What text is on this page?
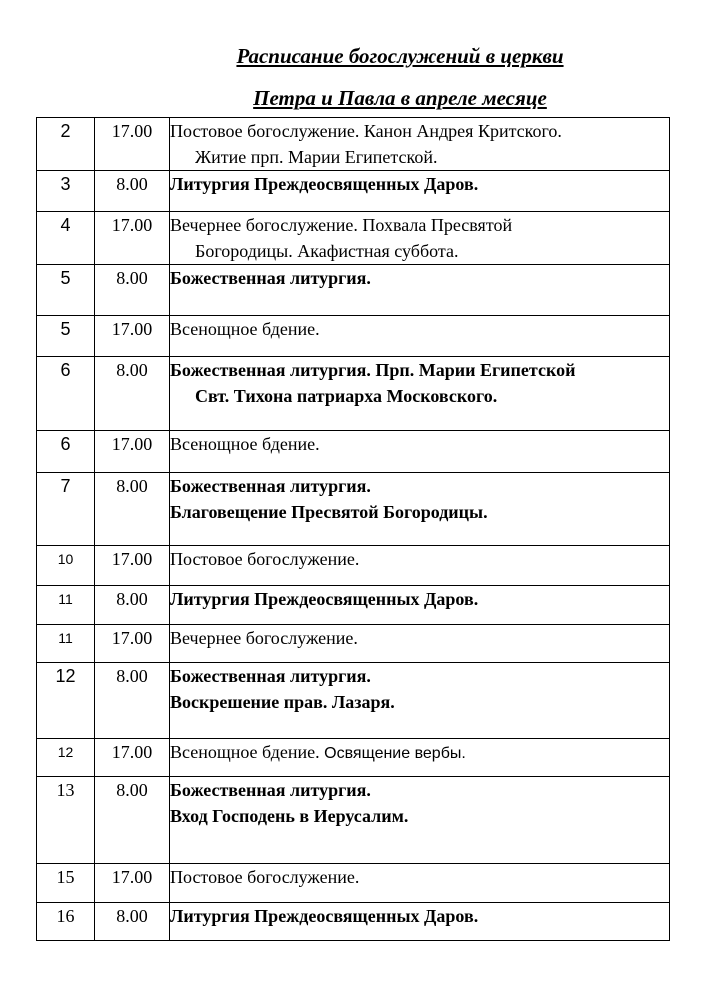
Расписание богослужений в церкви
Петра и Павла в апреле месяце
2	17.00	Постовое богослужение. Канон Андрея Критского.
Житие прп. Марии Египетской.

3	8.00	Литургия Преждеосвященных Даров.

4	17.00	Вечернее богослужение. Похвала Пресвятой
Богородицы. Акафистная суббота.

5	8.00	Божественная литургия.

5	17.00	Всенощное бдение.

6	8.00	Божественная литургия. Прп. Марии Египетской
Свт. Тихона патриарха Московского.

6	17.00	Всенощное бдение.

7	8.00	Божественная литургия.
Благовещение Пресвятой Богородицы.

10	17.00	Постовое богослужение.

11	8.00	Литургия Преждеосвященных Даров.

11	17.00	Вечернее богослужение.

12	8.00	Божественная литургия.
Воскрешение прав. Лазаря.

12	17.00	Всенощное бдение. Освящение вербы.
13	8.00	Божественная литургия.
Вход Господень в Иерусалим.

15	17.00	Постовое богослужение.

16	8.00	Литургия Преждеосвященных Даров.
